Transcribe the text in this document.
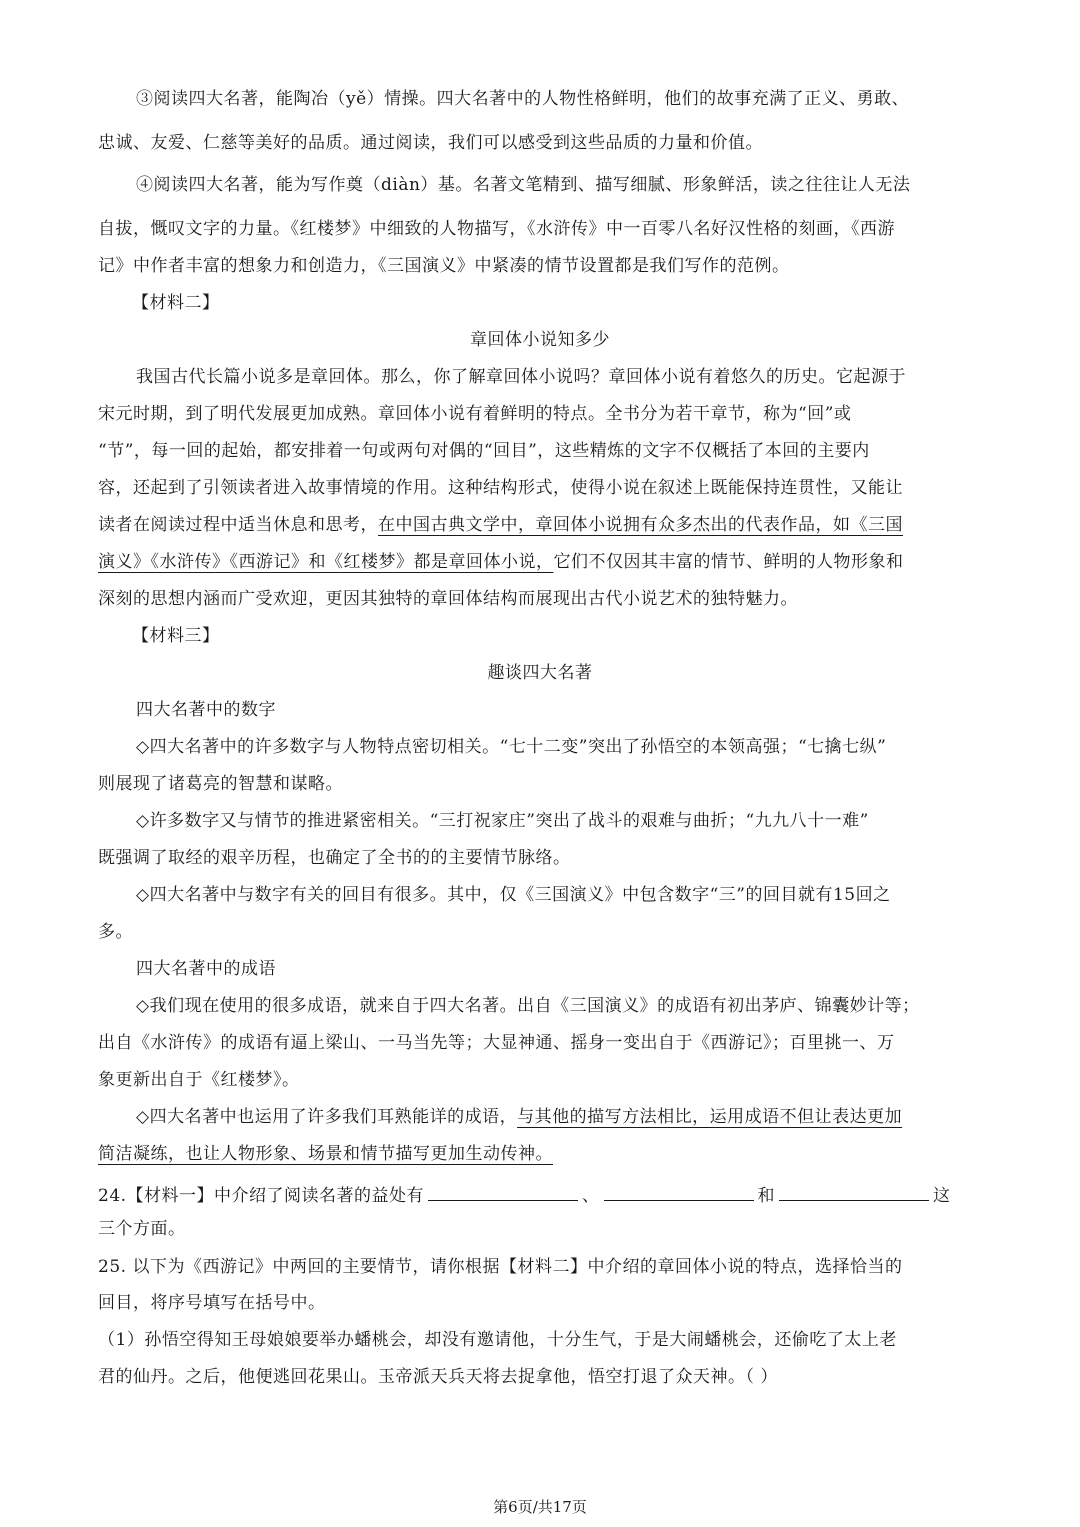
③阅读四大名著，能陶冶（yě）情操。四大名著中的人物性格鲜明，他们的故事充满了正义、勇敢、
忠诚、友爱、仁慈等美好的品质。通过阅读，我们可以感受到这些品质的力量和价值。
④阅读四大名著，能为写作奠（diàn）基。名著文笔精到、描写细腻、形象鲜活，读之往往让人无法
自拔，慨叹文字的力量。《红楼梦》中细致的人物描写，《水浒传》中一百零八名好汉性格的刻画，《西游
记》中作者丰富的想象力和创造力，《三国演义》中紧凑的情节设置都是我们写作的范例。
【材料二】
章回体小说知多少
我国古代长篇小说多是章回体。那么，你了解章回体小说吗？章回体小说有着悠久的历史。它起源于
宋元时期，到了明代发展更加成熟。章回体小说有着鲜明的特点。全书分为若干章节，称为“回”或
“节”，每一回的起始，都安排着一句或两句对偶的“回目”，这些精炼的文字不仅概括了本回的主要内
容，还起到了引领读者进入故事情境的作用。这种结构形式，使得小说在叙述上既能保持连贯性，又能让
读者在阅读过程中适当休息和思考，在中国古典文学中，章回体小说拥有众多杰出的代表作品，如《三国
演义》《水浒传》《西游记》和《红楼梦》都是章回体小说，它们不仅因其丰富的情节、鲜明的人物形象和
深刻的思想内涵而广受欢迎，更因其独特的章回体结构而展现出古代小说艺术的独特魅力。
【材料三】
趣谈四大名著
四大名著中的数字
◇四大名著中的许多数字与人物特点密切相关。“七十二变”突出了孙悟空的本领高强；“七擒七纵”
则展现了诸葛亮的智慧和谋略。
◇许多数字又与情节的推进紧密相关。“三打祝家庄”突出了战斗的艰难与曲折；“九九八十一难”
既强调了取经的艰辛历程，也确定了全书的的主要情节脉络。
◇四大名著中与数字有关的回目有很多。其中，仅《三国演义》中包含数字“三”的回目就有15回之
多。
四大名著中的成语
◇我们现在使用的很多成语，就来自于四大名著。出自《三国演义》的成语有初出茅庐、锦囊妙计等；
出自《水浒传》的成语有逼上梁山、一马当先等；大显神通、摇身一变出自于《西游记》；百里挑一、万
象更新出自于《红楼梦》。
◇四大名著中也运用了许多我们耳熟能详的成语，与其他的描写方法相比，运用成语不但让表达更加
简洁凝练，也让人物形象、场景和情节描写更加生动传神。
24.【材料一】中介绍了阅读名著的益处有	、	和	这
三个方面。
25. 以下为《西游记》中两回的主要情节，请你根据【材料二】中介绍的章回体小说的特点，选择恰当的
回目，将序号填写在括号中。
（1）孙悟空得知王母娘娘要举办蟠桃会，却没有邀请他，十分生气，于是大闹蟠桃会，还偷吃了太上老
君的仙丹。之后，他便逃回花果山。玉帝派天兵天将去捉拿他，悟空打退了众天神。（ ）
第6页/共17页
